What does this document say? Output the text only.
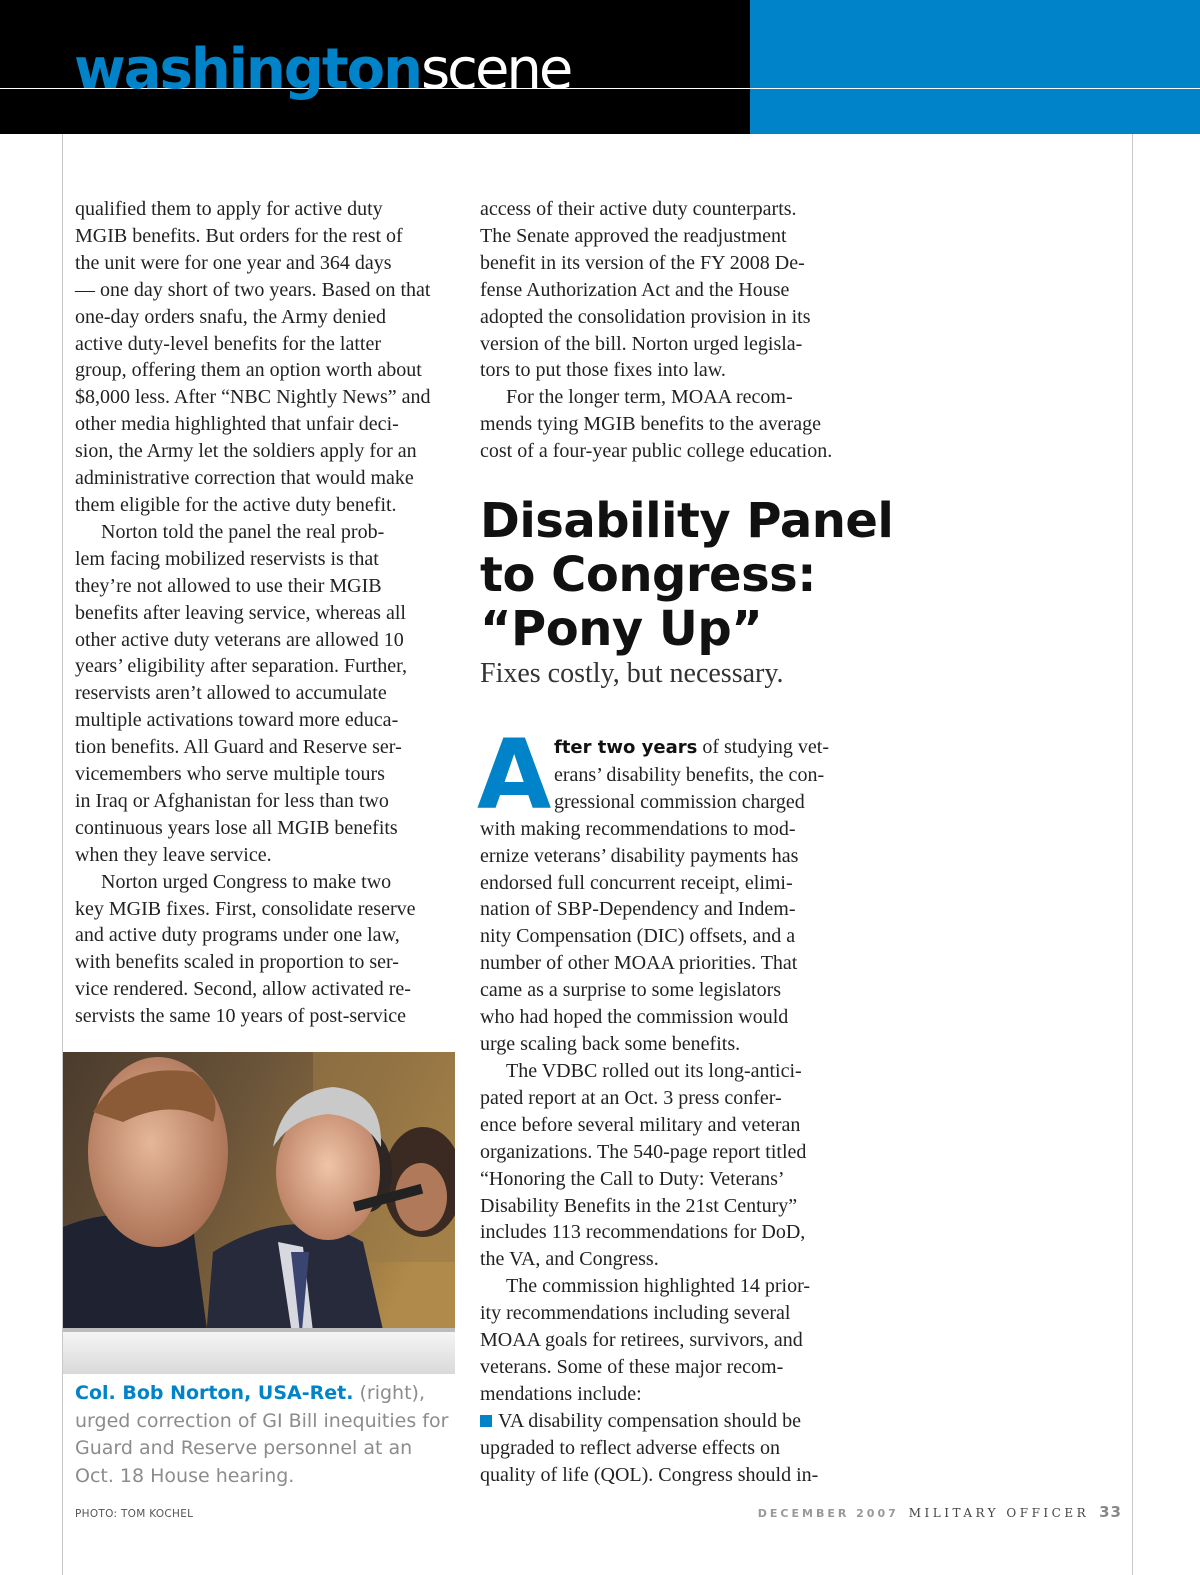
washingtonscene

qualified them to apply for active duty

MGIB benefits. But orders for the rest of

the unit were for one year and 364 days

— one day short of two years. Based on that

one-day orders snafu, the Army denied

active duty-level benefits for the latter

group, offering them an option worth about

$8,000 less. After “NBC Nightly News” and

other media highlighted that unfair deci-

sion, the Army let the soldiers apply for an

administrative correction that would make

them eligible for the active duty benefit.

Norton told the panel the real prob-

lem facing mobilized reservists is that

they’re not allowed to use their MGIB

benefits after leaving service, whereas all

other active duty veterans are allowed 10

years’ eligibility after separation. Further,

reservists aren’t allowed to accumulate

multiple activations toward more educa-

tion benefits. All Guard and Reserve ser-

vicemembers who serve multiple tours

in Iraq or Afghanistan for less than two

continuous years lose all MGIB benefits

when they leave service.

Norton urged Congress to make two

key MGIB fixes. First, consolidate reserve

and active duty programs under one law,

with benefits scaled in proportion to ser-

vice rendered. Second, allow activated re-

servists the same 10 years of post-service

access of their active duty counterparts.

The Senate approved the readjustment

benefit in its version of the FY 2008 De-

fense Authorization Act and the House

adopted the consolidation provision in its

version of the bill. Norton urged legisla-

tors to put those fixes into law.

For the longer term, MOAA recom-

mends tying MGIB benefits to the average

cost of a four-year public college education.

Disability Panel
to Congress:
“Pony Up”
Fixes costly, but necessary.
A fter two years of studying vet-

erans’ disability benefits, the con-

gressional commission charged

with making recommendations to mod-

ernize veterans’ disability payments has

endorsed full concurrent receipt, elimi-

nation of SBP-Dependency and Indem-

nity Compensation (DIC) offsets, and a

number of other MOAA priorities. That

came as a surprise to some legislators

who had hoped the commission would

urge scaling back some benefits.

The VDBC rolled out its long-antici-

pated report at an Oct. 3 press confer-

ence before several military and veteran

organizations. The 540-page report titled

“Honoring the Call to Duty: Veterans’

Disability Benefits in the 21st Century”

includes 113 recommendations for DoD,

the VA, and Congress.

The commission highlighted 14 prior-

ity recommendations including several

MOAA goals for retirees, survivors, and

veterans. Some of these major recom-

mendations include:

VA disability compensation should be

upgraded to reflect adverse effects on

quality of life (QOL). Congress should in-

Col. Bob Norton, USA-Ret. (right),
urged correction of GI Bill inequities for
Guard and Reserve personnel at an
Oct. 18 House hearing.
PHOTO: TOM KOCHEL	DECEMBER 2007 MILITARY OFFICER 33
